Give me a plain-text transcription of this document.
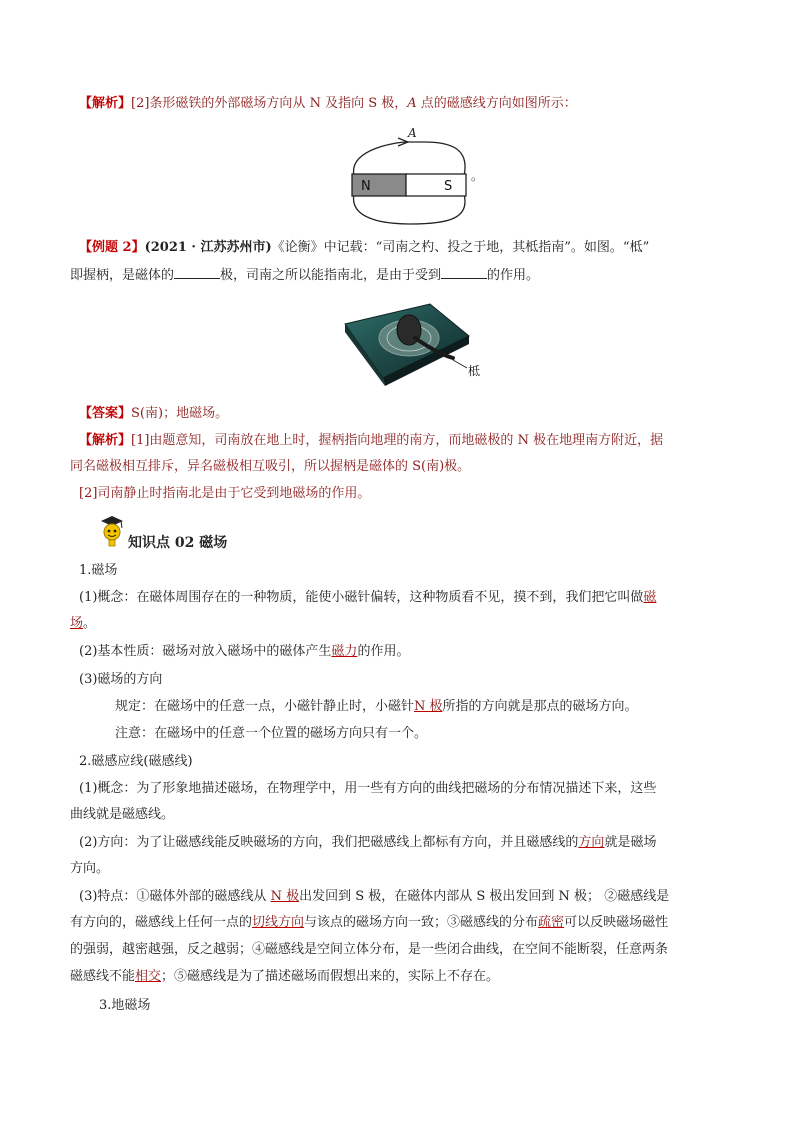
【解析】[2]条形磁铁的外部磁场方向从 N 及指向 S 极，A 点的磁感线方向如图所示：
A
N	S
。
【例题 2】(2021 · 江苏苏州市)《论衡》中记载：“司南之杓、投之于地，其柢指南”。如图。“柢”
即握柄，是磁体的	极，司南之所以能指南北，是由于受到	的作用。
柢
【答案】S(南)；地磁场。
【解析】[1]由题意知，司南放在地上时，握柄指向地理的南方，而地磁极的 N 极在地理南方附近，据
同名磁极相互排斥，异名磁极相互吸引，所以握柄是磁体的 S(南)极。
[2]司南静止时指南北是由于它受到地磁场的作用。
知识点 02 磁场
1.磁场
(1)概念：在磁体周围存在的一种物质，能使小磁针偏转，这种物质看不见，摸不到，我们把它叫做磁
场。
(2)基本性质：磁场对放入磁场中的磁体产生磁力的作用。
(3)磁场的方向
规定：在磁场中的任意一点，小磁针静止时，小磁针N 极所指的方向就是那点的磁场方向。
注意：在磁场中的任意一个位置的磁场方向只有一个。
2.磁感应线(磁感线)
(1)概念：为了形象地描述磁场，在物理学中，用一些有方向的曲线把磁场的分布情况描述下来，这些
曲线就是磁感线。
(2)方向：为了让磁感线能反映磁场的方向，我们把磁感线上都标有方向，并且磁感线的方向就是磁场
方向。
(3)特点：①磁体外部的磁感线从 N 极出发回到 S 极，在磁体内部从 S 极出发回到 N 极； ②磁感线是
有方向的，磁感线上任何一点的切线方向与该点的磁场方向一致；③磁感线的分布疏密可以反映磁场磁性
的强弱，越密越强，反之越弱；④磁感线是空间立体分布，是一些闭合曲线，在空间不能断裂，任意两条
磁感线不能相交；⑤磁感线是为了描述磁场而假想出来的，实际上不存在。
3.地磁场
